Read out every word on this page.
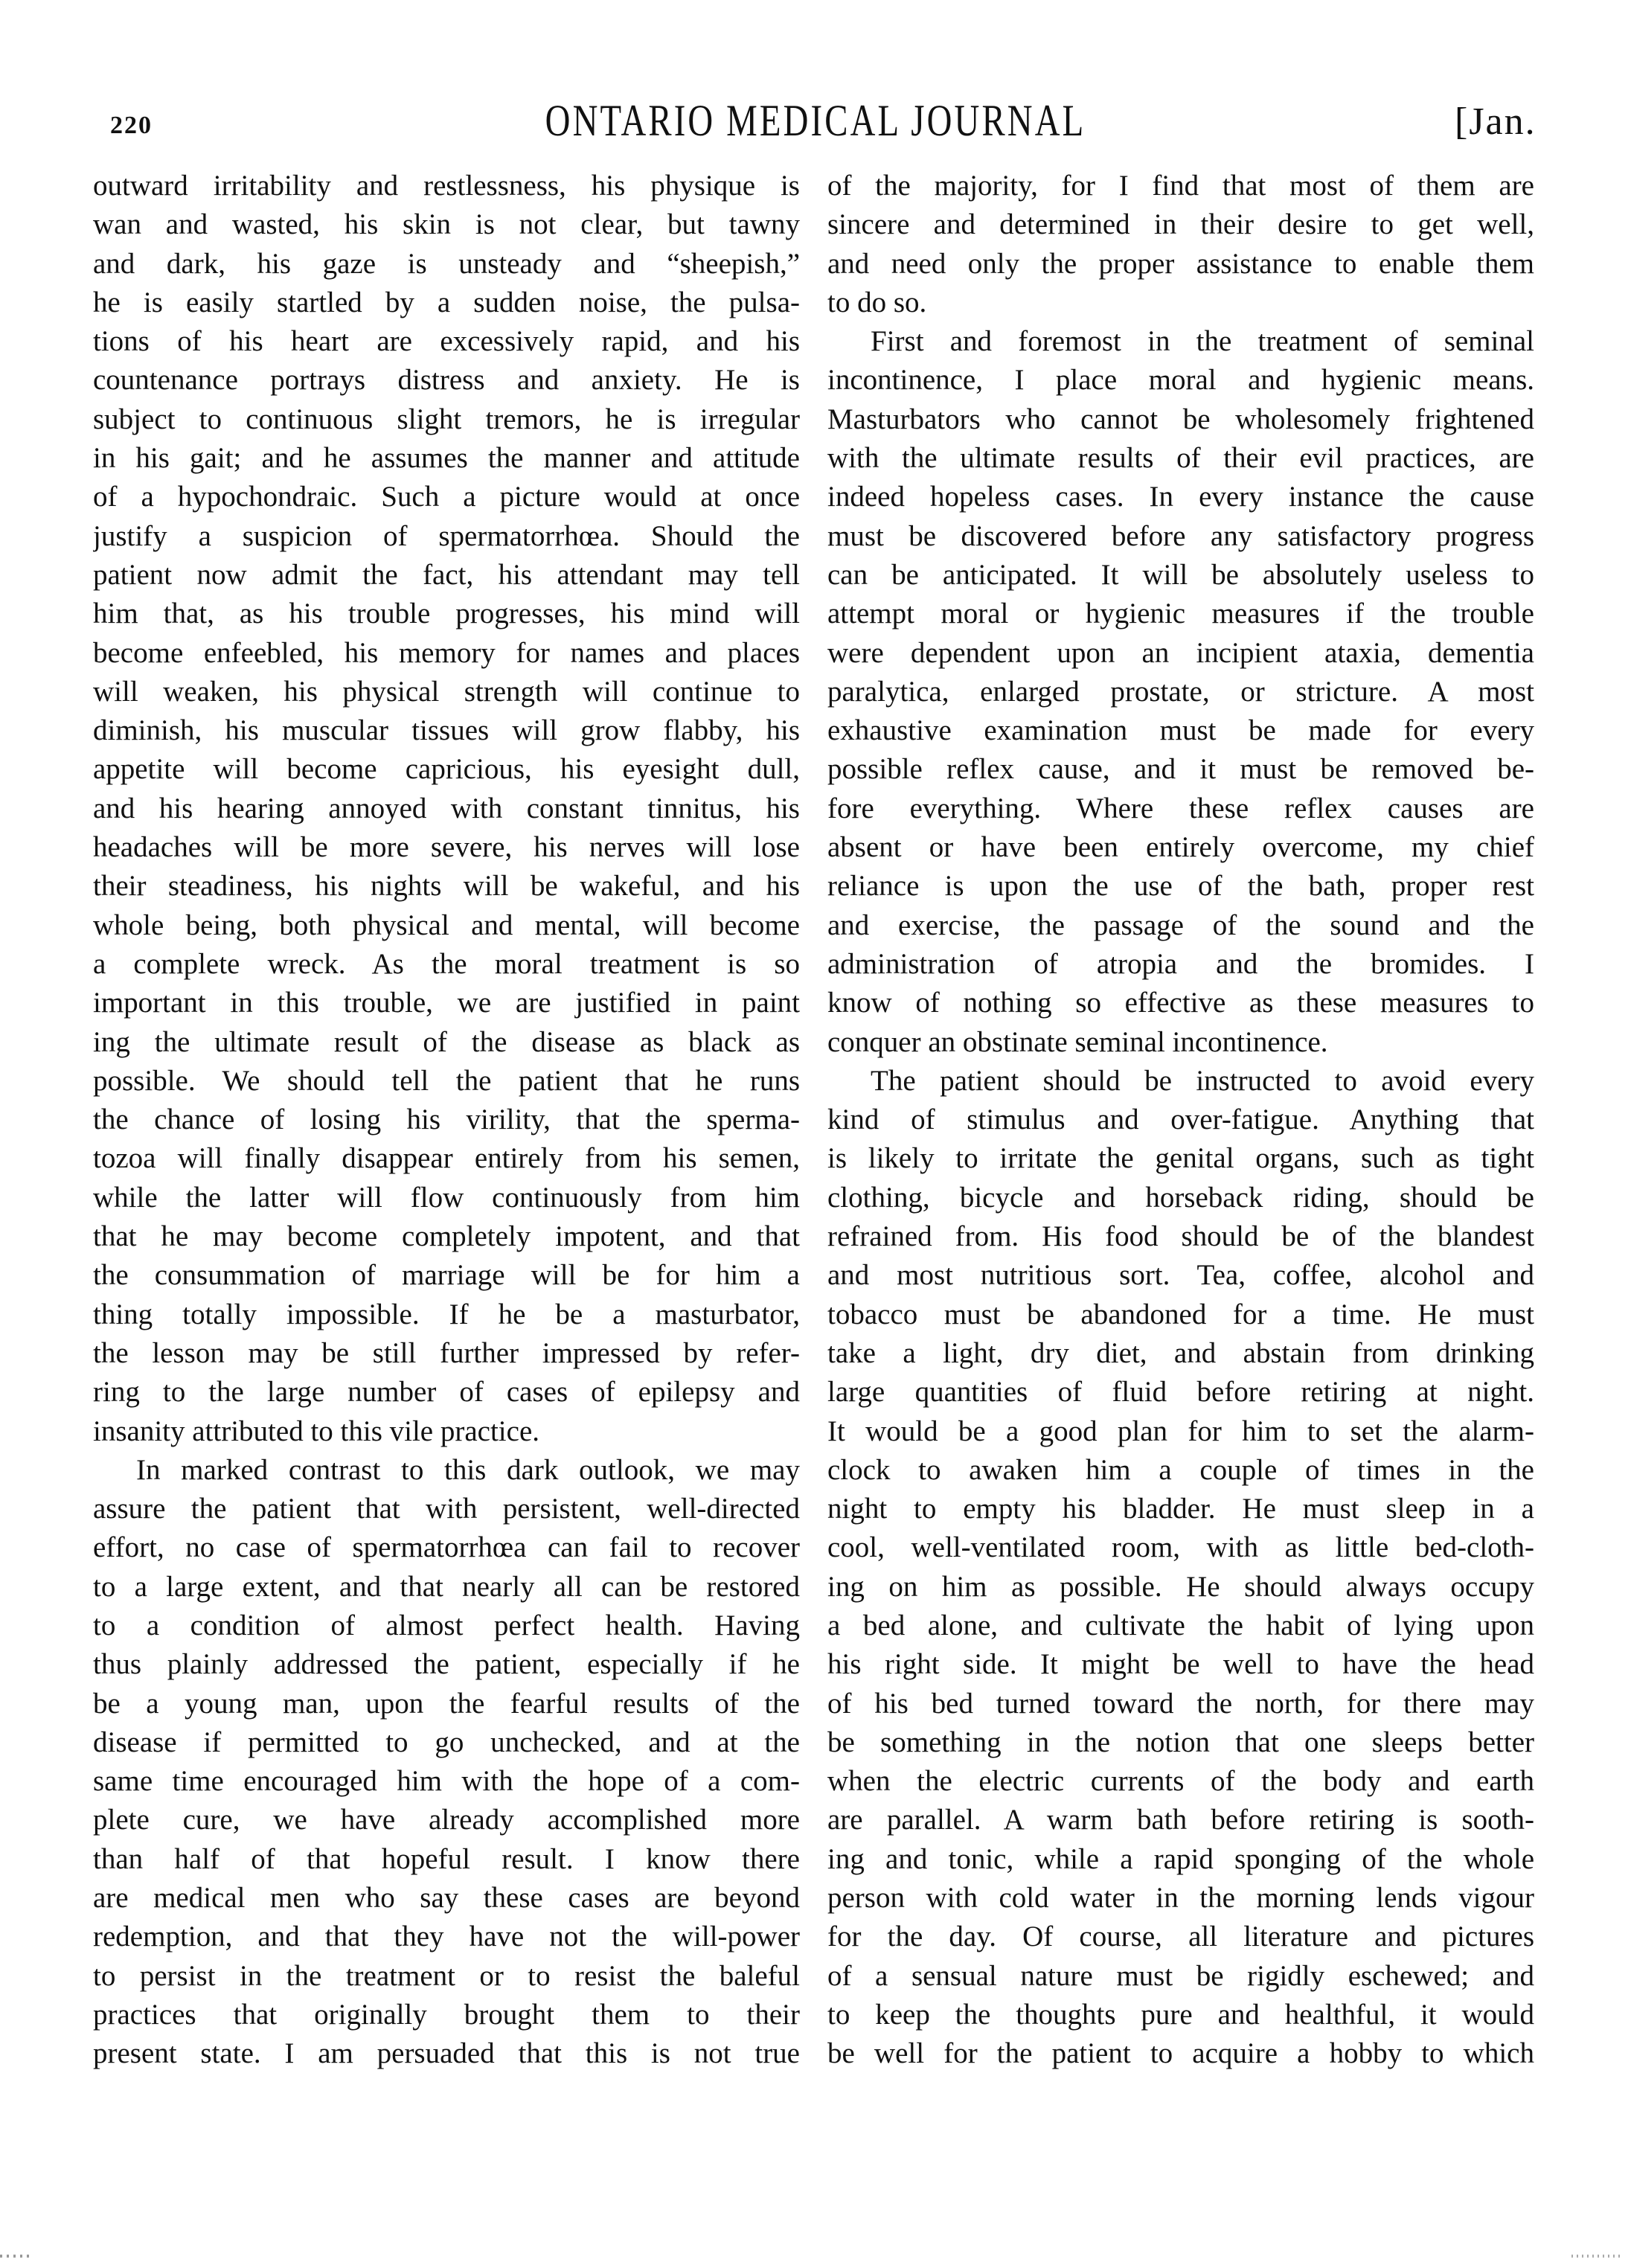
220	ONTARIO MEDICAL JOURNAL	[Jan.
outward irritability and restlessness, his physique is
wan and wasted, his skin is not clear, but tawny
and dark, his gaze is unsteady and “sheepish,”
he is easily startled by a sudden noise, the pulsa-
tions of his heart are excessively rapid, and his
countenance portrays distress and anxiety. He is
subject to continuous slight tremors, he is irregular
in his gait; and he assumes the manner and attitude
of a hypochondraic. Such a picture would at once
justify a suspicion of spermatorrhœa. Should the
patient now admit the fact, his attendant may tell
him that, as his trouble progresses, his mind will
become enfeebled, his memory for names and places
will weaken, his physical strength will continue to
diminish, his muscular tissues will grow flabby, his
appetite will become capricious, his eyesight dull,
and his hearing annoyed with constant tinnitus, his
headaches will be more severe, his nerves will lose
their steadiness, his nights will be wakeful, and his
whole being, both physical and mental, will become
a complete wreck. As the moral treatment is so
important in this trouble, we are justified in paint
ing the ultimate result of the disease as black as
possible. We should tell the patient that he runs
the chance of losing his virility, that the sperma-
tozoa will finally disappear entirely from his semen,
while the latter will flow continuously from him
that he may become completely impotent, and that
the consummation of marriage will be for him a
thing totally impossible. If he be a masturbator,
the lesson may be still further impressed by refer-
ring to the large number of cases of epilepsy and
insanity attributed to this vile practice.
In marked contrast to this dark outlook, we may
assure the patient that with persistent, well-directed
effort, no case of spermatorrhœa can fail to recover
to a large extent, and that nearly all can be restored
to a condition of almost perfect health. Having
thus plainly addressed the patient, especially if he
be a young man, upon the fearful results of the
disease if permitted to go unchecked, and at the
same time encouraged him with the hope of a com-
plete cure, we have already accomplished more
than half of that hopeful result. I know there
are medical men who say these cases are beyond
redemption, and that they have not the will-power
to persist in the treatment or to resist the baleful
practices that originally brought them to their
present state. I am persuaded that this is not true
of the majority, for I find that most of them are
sincere and determined in their desire to get well,
and need only the proper assistance to enable them
to do so.
First and foremost in the treatment of seminal
incontinence, I place moral and hygienic means.
Masturbators who cannot be wholesomely frightened
with the ultimate results of their evil practices, are
indeed hopeless cases. In every instance the cause
must be discovered before any satisfactory progress
can be anticipated. It will be absolutely useless to
attempt moral or hygienic measures if the trouble
were dependent upon an incipient ataxia, dementia
paralytica, enlarged prostate, or stricture. A most
exhaustive examination must be made for every
possible reflex cause, and it must be removed be-
fore everything. Where these reflex causes are
absent or have been entirely overcome, my chief
reliance is upon the use of the bath, proper rest
and exercise, the passage of the sound and the
administration of atropia and the bromides. I
know of nothing so effective as these measures to
conquer an obstinate seminal incontinence.
The patient should be instructed to avoid every
kind of stimulus and over-fatigue. Anything that
is likely to irritate the genital organs, such as tight
clothing, bicycle and horseback riding, should be
refrained from. His food should be of the blandest
and most nutritious sort. Tea, coffee, alcohol and
tobacco must be abandoned for a time. He must
take a light, dry diet, and abstain from drinking
large quantities of fluid before retiring at night.
It would be a good plan for him to set the alarm-
clock to awaken him a couple of times in the
night to empty his bladder. He must sleep in a
cool, well-ventilated room, with as little bed-cloth-
ing on him as possible. He should always occupy
a bed alone, and cultivate the habit of lying upon
his right side. It might be well to have the head
of his bed turned toward the north, for there may
be something in the notion that one sleeps better
when the electric currents of the body and earth
are parallel. A warm bath before retiring is sooth-
ing and tonic, while a rapid sponging of the whole
person with cold water in the morning lends vigour
for the day. Of course, all literature and pictures
of a sensual nature must be rigidly eschewed; and
to keep the thoughts pure and healthful, it would
be well for the patient to acquire a hobby to which
